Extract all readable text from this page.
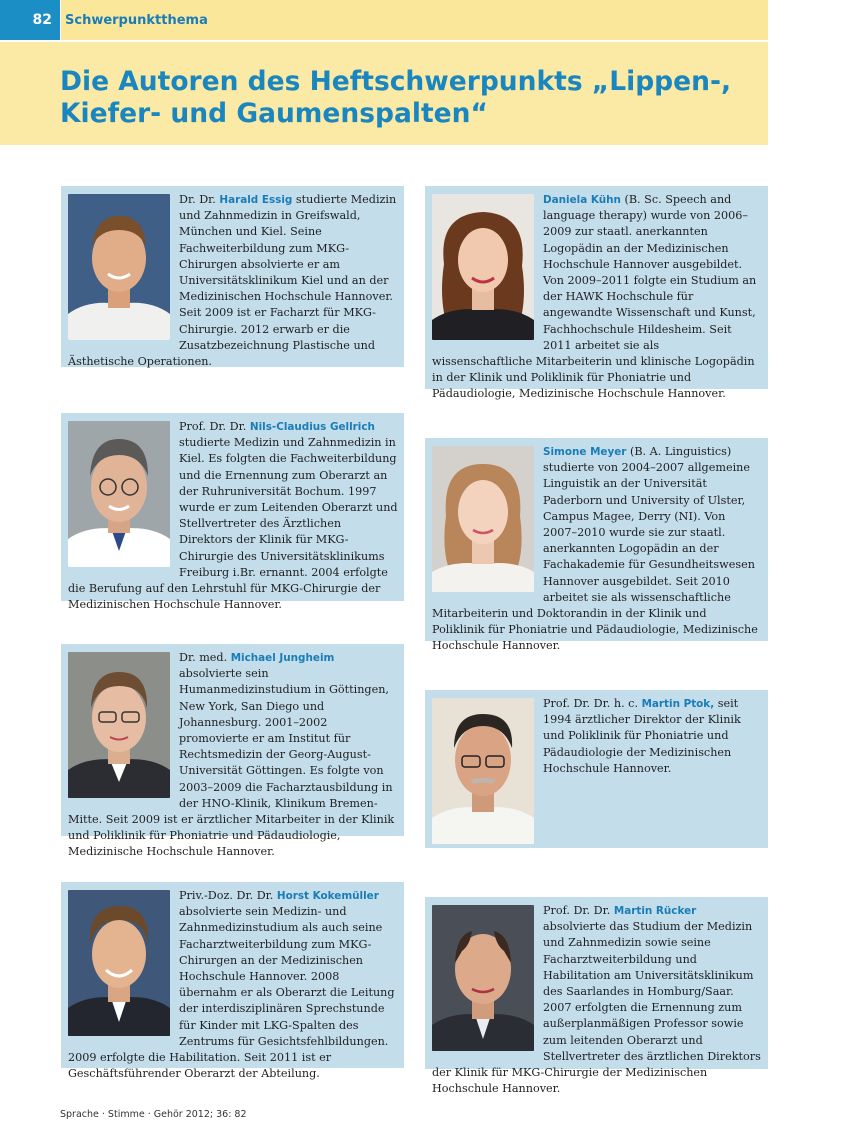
82	Schwerpunktthema
Die Autoren des Heftschwerpunkts „Lippen-, Kiefer- und Gaumenspalten“
Dr. Dr. Harald Essig studierte Medizin und Zahnmedizin in Greifswald, München und Kiel. Seine Fachweiterbildung zum MKG-Chirurgen absolvierte er am Universitätsklinikum Kiel und an der Medizinischen Hochschule Hannover. Seit 2009 ist er Facharzt für MKG-Chirurgie. 2012 erwarb er die Zusatzbezeichnung Plastische und Ästhetische Operationen.
Prof. Dr. Dr. Nils-Claudius Gellrich studierte Medizin und Zahnmedizin in Kiel. Es folgten die Fachweiterbildung und die Ernennung zum Oberarzt an der Ruhruniversität Bochum. 1997 wurde er zum Leitenden Oberarzt und Stellvertreter des Ärztlichen Direktors der Klinik für MKG-Chirurgie des Universitätsklinikums Freiburg i.Br. ernannt. 2004 erfolgte die Berufung auf den Lehrstuhl für MKG-Chirurgie der Medizinischen Hochschule Hannover.
Dr. med. Michael Jungheim absolvierte sein Humanmedizinstudium in Göttingen, New York, San Diego und Johannesburg. 2001–2002 promovierte er am Institut für Rechtsmedizin der Georg-August-Universität Göttingen. Es folgte von 2003–2009 die Facharztausbildung in der HNO-Klinik, Klinikum Bremen-Mitte. Seit 2009 ist er ärztlicher Mitarbeiter in der Klinik und Poliklinik für Phoniatrie und Pädaudiologie, Medizinische Hochschule Hannover.
Priv.-Doz. Dr. Dr. Horst Kokemüller absolvierte sein Medizin- und Zahnmedizinstudium als auch seine Facharztweiterbildung zum MKG-Chirurgen an der Medizinischen Hochschule Hannover. 2008 übernahm er als Oberarzt die Leitung der interdisziplinären Sprechstunde für Kinder mit LKG-Spalten des Zentrums für Gesichtsfehlbildungen. 2009 erfolgte die Habilitation. Seit 2011 ist er Geschäftsführender Oberarzt der Abteilung.
Daniela Kühn (B. Sc. Speech and language therapy) wurde von 2006–2009 zur staatl. anerkannten Logopädin an der Medizinischen Hochschule Hannover ausgebildet. Von 2009–2011 folgte ein Studium an der HAWK Hochschule für angewandte Wissenschaft und Kunst, Fachhochschule Hildesheim. Seit 2011 arbeitet sie als wissenschaftliche Mitarbeiterin und klinische Logopädin in der Klinik und Poliklinik für Phoniatrie und Pädaudiologie, Medizinische Hochschule Hannover.
Simone Meyer (B. A. Linguistics) studierte von 2004–2007 allgemeine Linguistik an der Universität Paderborn und University of Ulster, Campus Magee, Derry (NI). Von 2007–2010 wurde sie zur staatl. anerkannten Logopädin an der Fachakademie für Gesundheitswesen Hannover ausgebildet. Seit 2010 arbeitet sie als wissenschaftliche Mitarbeiterin und Doktorandin in der Klinik und Poliklinik für Phoniatrie und Pädaudiologie, Medizinische Hochschule Hannover.
Prof. Dr. Dr. h. c. Martin Ptok, seit 1994 ärztlicher Direktor der Klinik und Poliklinik für Phoniatrie und Pädaudiologie der Medizinischen Hochschule Hannover.
Prof. Dr. Dr. Martin Rücker absolvierte das Studium der Medizin und Zahnmedizin sowie seine Facharztweiterbildung und Habilitation am Universitätsklinikum des Saarlandes in Homburg/Saar. 2007 erfolgten die Ernennung zum außerplanmäßigen Professor sowie zum leitenden Oberarzt und Stellvertreter des ärztlichen Direktors der Klinik für MKG-Chirurgie der Medizinischen Hochschule Hannover.
Sprache · Stimme · Gehör 2012; 36: 82
